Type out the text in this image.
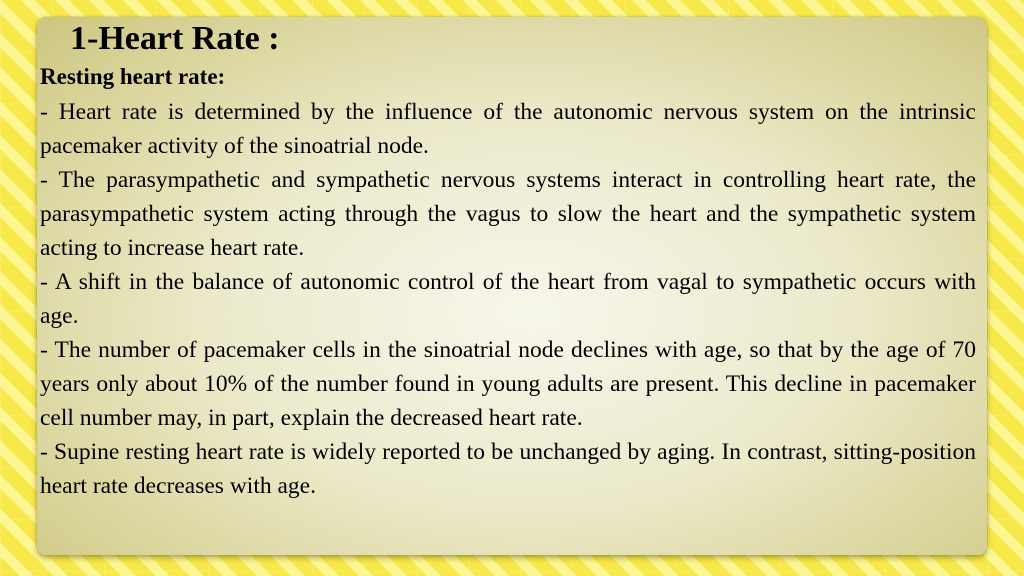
1-Heart Rate :
Resting heart rate:

- Heart rate is determined by the influence of the autonomic nervous system on the intrinsic pacemaker activity of the sinoatrial node.

- The parasympathetic and sympathetic nervous systems interact in controlling heart rate, the parasympathetic system acting through the vagus to slow the heart and the sympathetic system acting to increase heart rate.

- A shift in the balance of autonomic control of the heart from vagal to sympathetic occurs with age.

- The number of pacemaker cells in the sinoatrial node declines with age, so that by the age of 70 years only about 10% of the number found in young adults are present. This decline in pacemaker cell number may, in part, explain the decreased heart rate.

- Supine resting heart rate is widely reported to be unchanged by aging. In contrast, sitting-position heart rate decreases with age.
